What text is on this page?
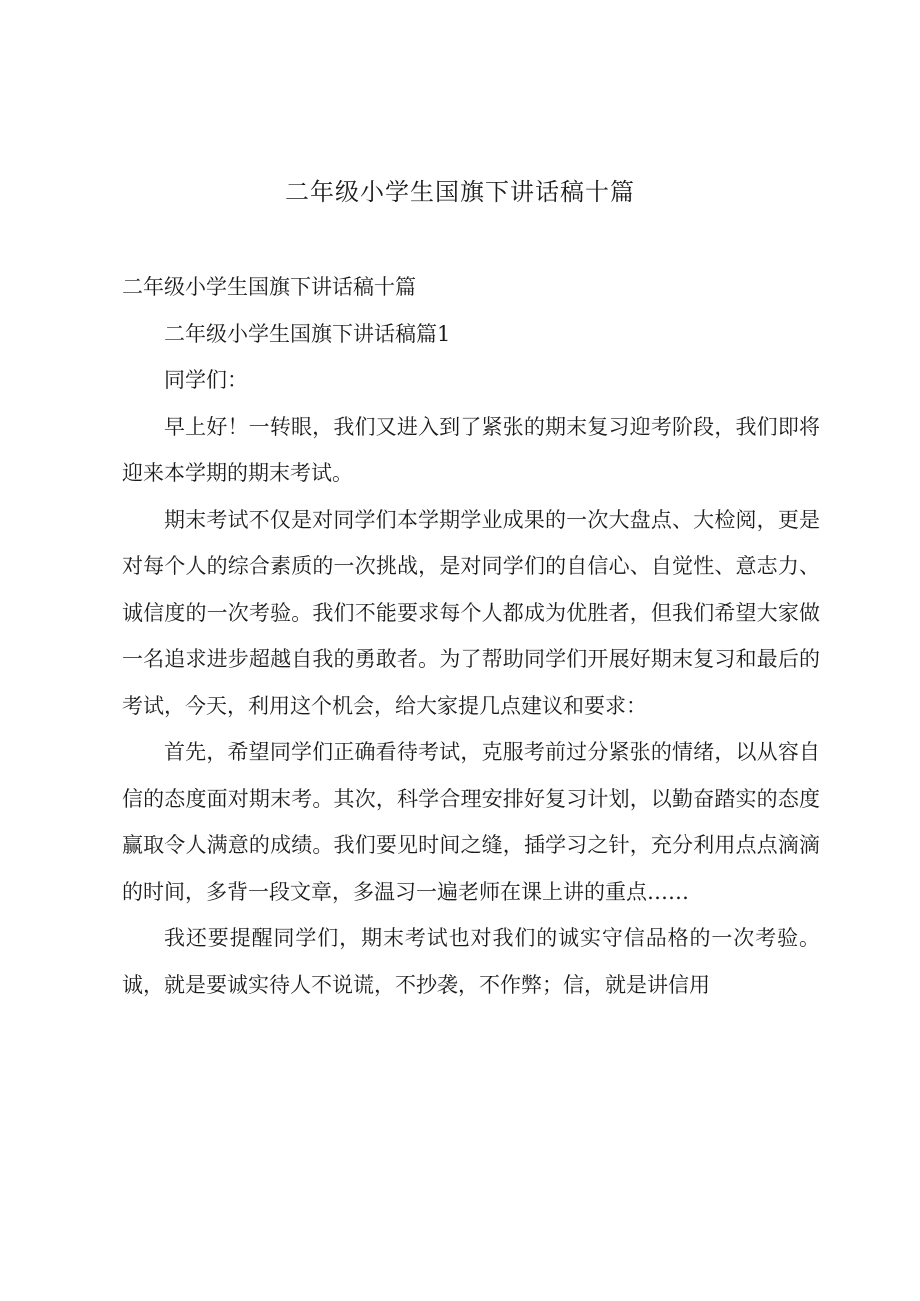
二年级小学生国旗下讲话稿十篇

二年级小学生国旗下讲话稿十篇

二年级小学生国旗下讲话稿篇1

同学们：

早上好！一转眼，我们又进入到了紧张的期末复习迎考阶段，我们即将迎来本学期的期末考试。

期末考试不仅是对同学们本学期学业成果的一次大盘点、大检阅，更是对每个人的综合素质的一次挑战，是对同学们的自信心、自觉性、意志力、诚信度的一次考验。我们不能要求每个人都成为优胜者，但我们希望大家做一名追求进步超越自我的勇敢者。为了帮助同学们开展好期末复习和最后的考试，今天，利用这个机会，给大家提几点建议和要求：

首先，希望同学们正确看待考试，克服考前过分紧张的情绪，以从容自信的态度面对期末考。其次，科学合理安排好复习计划，以勤奋踏实的态度赢取令人满意的成绩。我们要见时间之缝，插学习之针，充分利用点点滴滴的时间，多背一段文章，多温习一遍老师在课上讲的重点……

我还要提醒同学们，期末考试也对我们的诚实守信品格的一次考验。诚，就是要诚实待人不说谎，不抄袭，不作弊；信，就是讲信用
